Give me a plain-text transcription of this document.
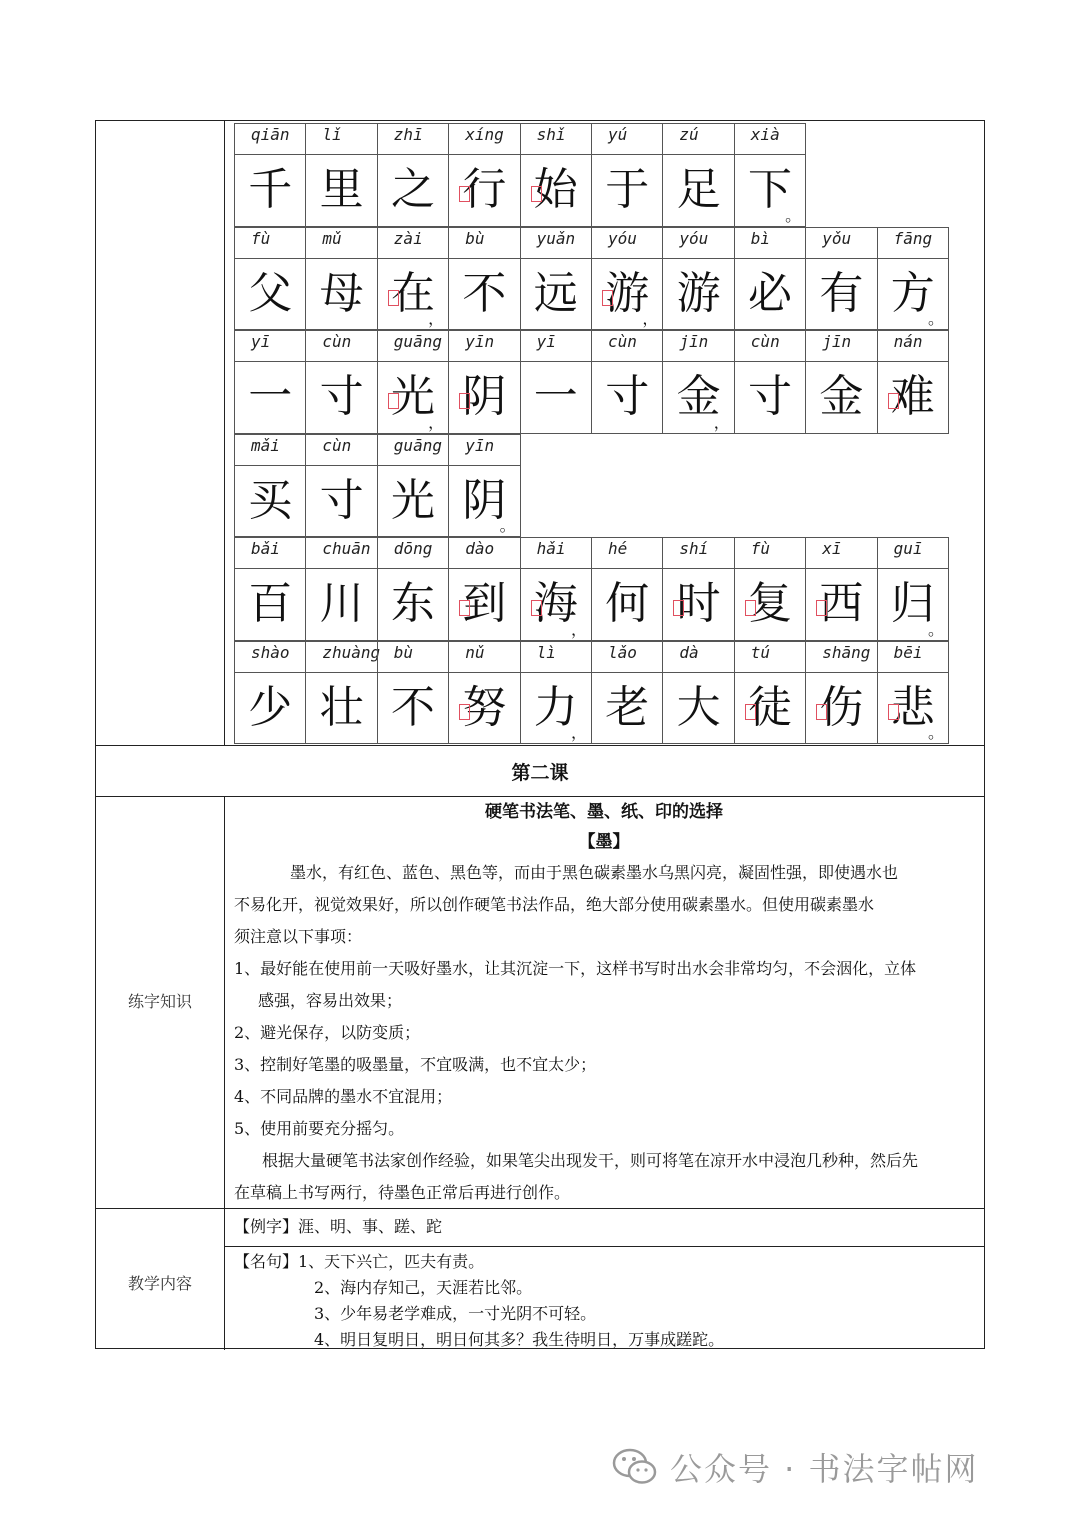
qiān
千
lǐ
里
zhī
之
xíng
行
shǐ
始
yú
于
zú
足
xià
下
。
fù
父
mǔ
母
zài
在
，
bù
不
yuǎn
远
yóu
游
，
yóu
游
bì
必
yǒu
有
fāng
方
。
yī
一
cùn
寸
guāng
光
，
yīn
阴
yī
一
cùn
寸
jīn
金
，
cùn
寸
jīn
金
nán
难
mǎi
买
cùn
寸
guāng
光
yīn
阴
。
bǎi
百
chuān
川
dōng
东
dào
到
hǎi
海
，
hé
何
shí
时
fù
复
xī
西
guī
归
。
shào
少
zhuàng
壮
bù
不
nǔ
努
lì
力
，
lǎo
老
dà
大
tú
徒
shāng
伤
bēi
悲
。
第二课
练字知识

硬笔书法笔、墨、纸、印的选择

【墨】

墨水，有红色、蓝色、黑色等，而由于黑色碳素墨水乌黑闪亮，凝固性强，即使遇水也

不易化开，视觉效果好，所以创作硬笔书法作品，绝大部分使用碳素墨水。但使用碳素墨水

须注意以下事项：

1、最好能在使用前一天吸好墨水，让其沉淀一下，这样书写时出水会非常均匀，不会洇化，立体

感强，容易出效果；

2、避光保存，以防变质；

3、控制好笔墨的吸墨量，不宜吸满，也不宜太少；

4、不同品牌的墨水不宜混用；

5、使用前要充分摇匀。

根据大量硬笔书法家创作经验，如果笔尖出现发干，则可将笔在凉开水中浸泡几秒种，然后先

在草稿上书写两行，待墨色正常后再进行创作。

教学内容
【例字】涯、明、事、蹉、跎

【名句】1、天下兴亡，匹夫有责。

2、海内存知己，天涯若比邻。

3、少年易老学难成，一寸光阴不可轻。

4、明日复明日，明日何其多？我生待明日，万事成蹉跎。

公众号 · 书法字帖网
